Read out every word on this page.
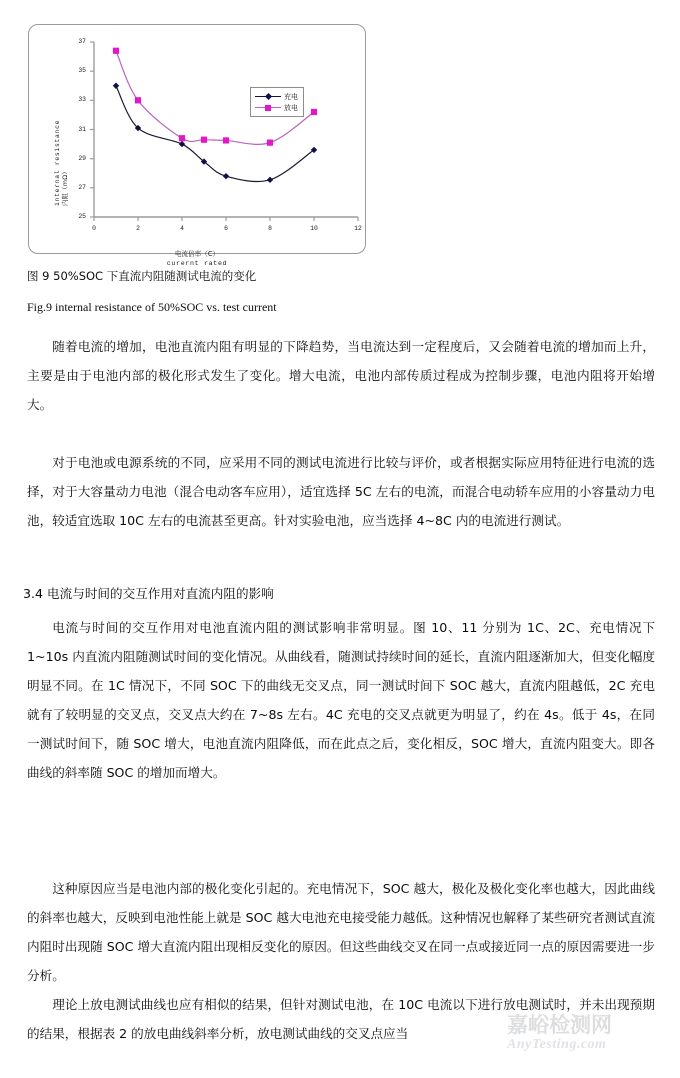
25
27
29
31
33
35
37
0	2	4	6	8	10	12
内阻（mΩ）
internal resistance
电流倍率（C）
curernt rated
充电
放电
图 9 50%SOC 下直流内阻随测试电流的变化
Fig.9 internal resistance of 50%SOC vs. test current

随着电流的增加，电池直流内阻有明显的下降趋势，当电流达到一定程度后，又会随着电流的增加而上升，主要是由于电池内部的极化形式发生了变化。增大电流，电池内部传质过程成为控制步骤，电池内阻将开始增大。

对于电池或电源系统的不同，应采用不同的测试电流进行比较与评价，或者根据实际应用特征进行电流的选择，对于大容量动力电池（混合电动客车应用），适宜选择 5C 左右的电流，而混合电动轿车应用的小容量动力电池，较适宜选取 10C 左右的电流甚至更高。针对实验电池，应当选择 4~8C 内的电流进行测试。

3.4 电流与时间的交互作用对直流内阻的影响

电流与时间的交互作用对电池直流内阻的测试影响非常明显。图 10、11 分别为 1C、2C、充电情况下 1~10s 内直流内阻随测试时间的变化情况。从曲线看，随测试持续时间的延长，直流内阻逐渐加大，但变化幅度明显不同。在 1C 情况下，不同 SOC 下的曲线无交叉点，同一测试时间下 SOC 越大，直流内阻越低，2C 充电就有了较明显的交叉点，交叉点大约在 7~8s 左右。4C 充电的交叉点就更为明显了，约在 4s。低于 4s，在同一测试时间下，随 SOC 增大，电池直流内阻降低，而在此点之后，变化相反，SOC 增大，直流内阻变大。即各曲线的斜率随 SOC 的增加而增大。

这种原因应当是电池内部的极化变化引起的。充电情况下，SOC 越大，极化及极化变化率也越大，因此曲线的斜率也越大，反映到电池性能上就是 SOC 越大电池充电接受能力越低。这种情况也解释了某些研究者测试直流内阻时出现随 SOC 增大直流内阻出现相反变化的原因。但这些曲线交叉在同一点或接近同一点的原因需要进一步分析。

理论上放电测试曲线也应有相似的结果，但针对测试电池，在 10C 电流以下进行放电测试时，并未出现预期的结果，根据表 2 的放电曲线斜率分析，放电测试曲线的交叉点应当	嘉峪检测网
AnyTesting.com
